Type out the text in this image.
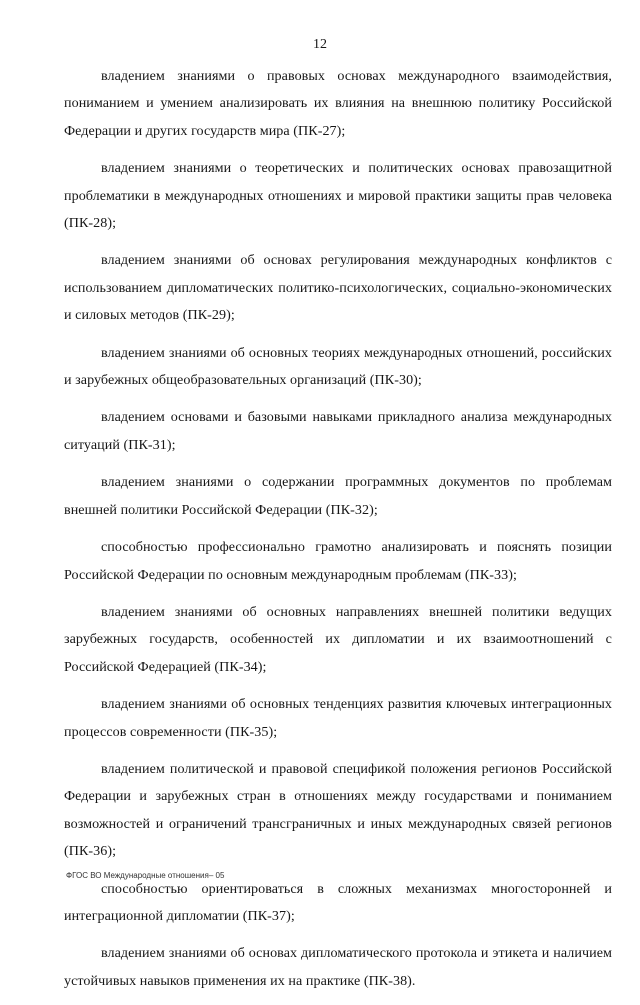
12

владением знаниями о правовых основах международного взаимодействия, пониманием и умением анализировать их влияния на внешнюю политику Российской Федерации и других государств мира (ПК-27);

владением знаниями о теоретических и политических основах правозащитной проблематики в международных отношениях и мировой практики защиты прав человека (ПК-28);

владением знаниями об основах регулирования международных конфликтов с использованием дипломатических политико-психологических, социально-экономических и силовых методов (ПК-29);

владением знаниями об основных теориях международных отношений, российских и зарубежных общеобразовательных организаций (ПК-30);

владением основами и базовыми навыками прикладного анализа международных ситуаций (ПК-31);

владением знаниями о содержании программных документов по проблемам внешней политики Российской Федерации (ПК-32);

способностью профессионально грамотно анализировать и пояснять позиции Российской Федерации по основным международным проблемам (ПК-33);

владением знаниями об основных направлениях внешней политики ведущих зарубежных государств, особенностей их дипломатии и их взаимоотношений с Российской Федерацией (ПК-34);

владением знаниями об основных тенденциях развития ключевых интеграционных процессов современности (ПК-35);

владением политической и правовой спецификой положения регионов Российской Федерации и зарубежных стран в отношениях между государствами и пониманием возможностей и ограничений трансграничных и иных международных связей регионов (ПК-36);

способностью ориентироваться в сложных механизмах многосторонней и интеграционной дипломатии (ПК-37);

владением знаниями об основах дипломатического протокола и этикета и наличием устойчивых навыков применения их на практике (ПК-38).

ФГОС ВО Международные отношения– 05
